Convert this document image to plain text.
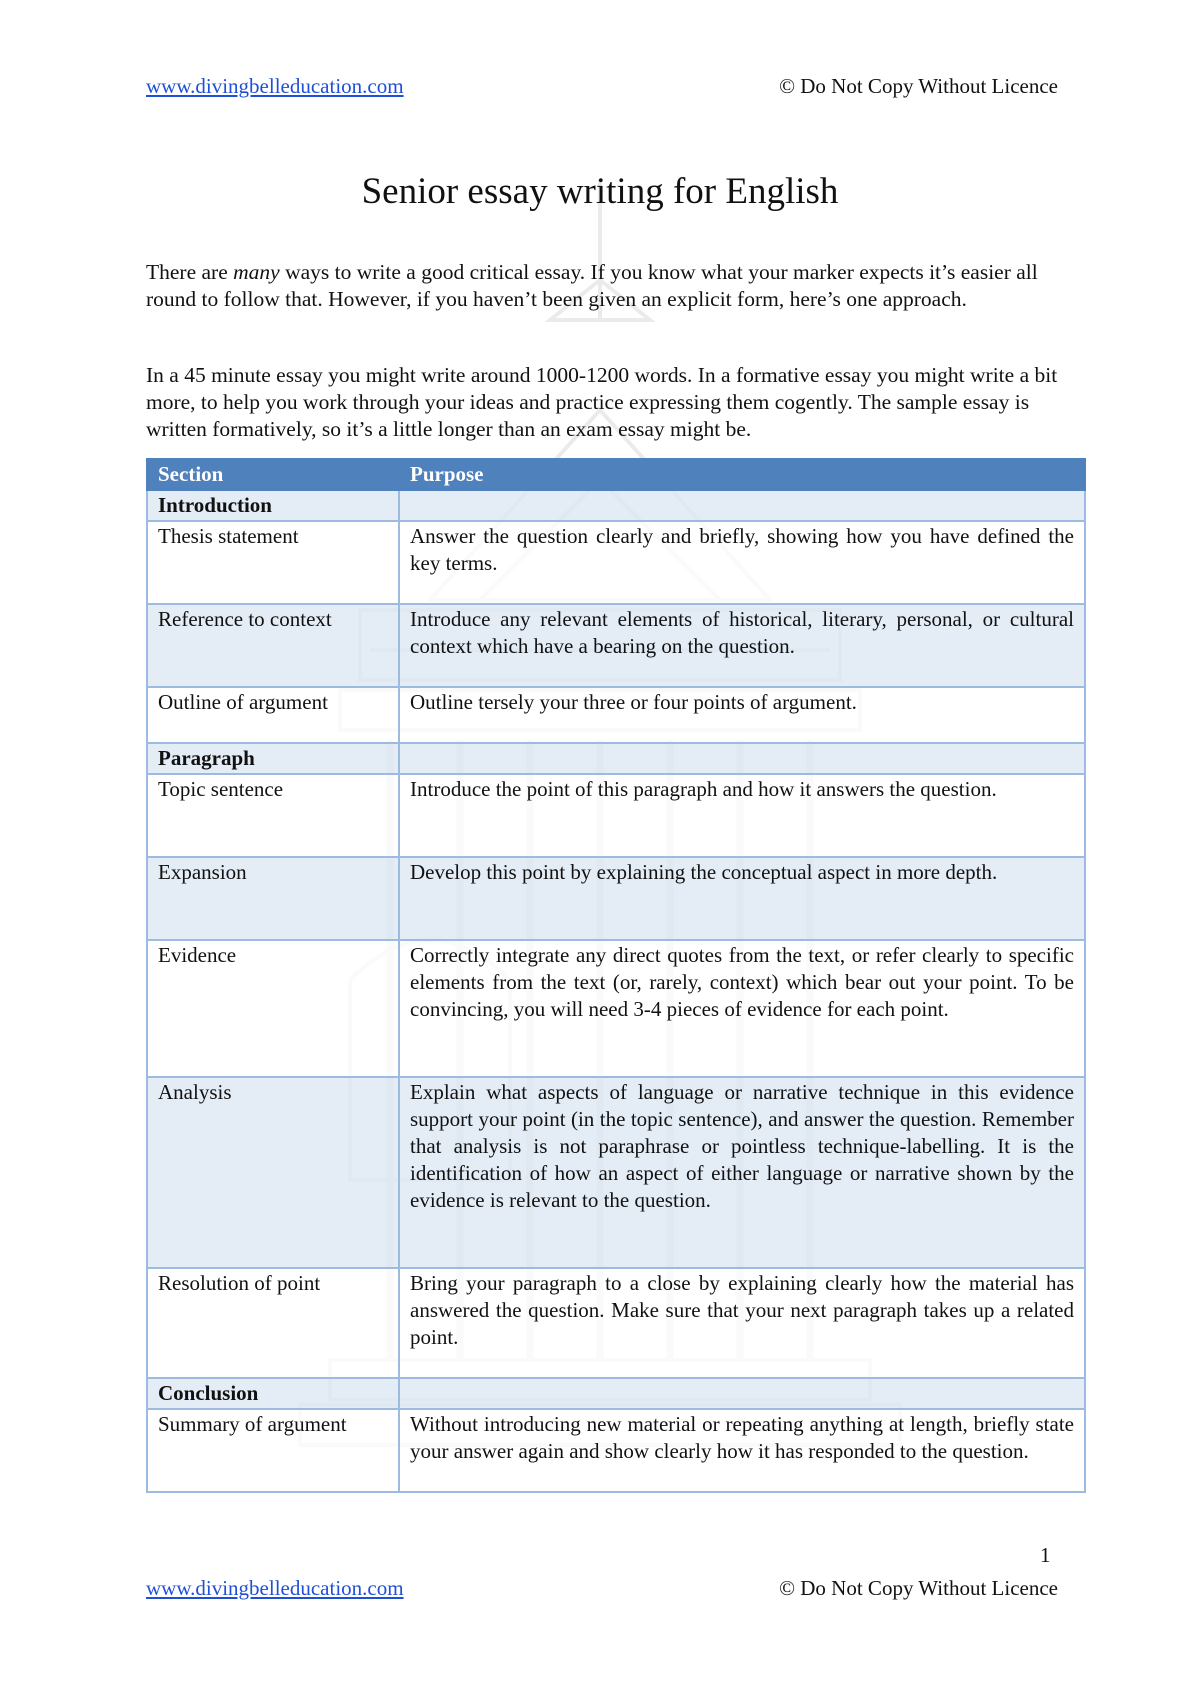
www.divingbelleducation.com	© Do Not Copy Without Licence
Senior essay writing for English

There are many ways to write a good critical essay. If you know what your marker expects it’s easier all round to follow that. However, if you haven’t been given an explicit form, here’s one approach.

In a 45 minute essay you might write around 1000-1200 words. In a formative essay you might write a bit more, to help you work through your ideas and practice expressing them cogently. The sample essay is written formatively, so it’s a little longer than an exam essay might be.

Section	Purpose
Introduction	
Thesis statement	Answer the question clearly and briefly, showing how you have defined the key terms.
Reference to context	Introduce any relevant elements of historical, literary, personal, or cultural context which have a bearing on the question.
Outline of argument	Outline tersely your three or four points of argument.
Paragraph	
Topic sentence	Introduce the point of this paragraph and how it answers the question.
Expansion	Develop this point by explaining the conceptual aspect in more depth.
Evidence	Correctly integrate any direct quotes from the text, or refer clearly to specific elements from the text (or, rarely, context) which bear out your point. To be convincing, you will need 3-4 pieces of evidence for each point.
Analysis	Explain what aspects of language or narrative technique in this evidence support your point (in the topic sentence), and answer the question. Remember that analysis is not paraphrase or pointless technique-labelling. It is the identification of how an aspect of either language or narrative shown by the evidence is relevant to the question.
Resolution of point	Bring your paragraph to a close by explaining clearly how the material has answered the question. Make sure that your next paragraph takes up a related point.
Conclusion	
Summary of argument	Without introducing new material or repeating anything at length, briefly state your answer again and show clearly how it has responded to the question.
1
www.divingbelleducation.com	© Do Not Copy Without Licence
